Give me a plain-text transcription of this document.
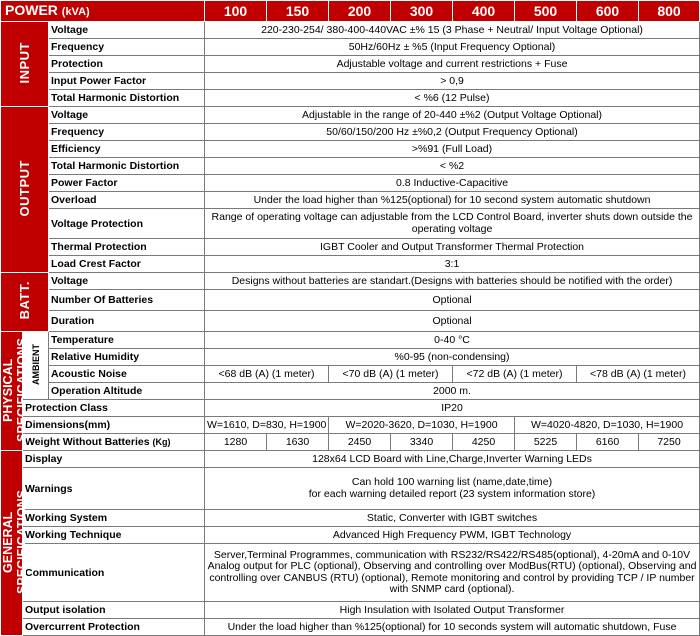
POWER (kVA)			100	150	200	300	400	500	600	800
INPUT		Voltage	220-230-254/ 380-400-440VAC ±% 15 (3 Phase + Neutral/ Input Voltage Optional)							
		Frequency	50Hz/60Hz ± %5 (Input Frequency Optional)							
		Protection	Adjustable voltage and current restrictions + Fuse							
		Input Power Factor	> 0,9							
		Total Harmonic Distortion	< %6 (12 Pulse)							
OUTPUT		Voltage	Adjustable in the range of 20-440 ±%2 (Output Voltage Optional)							
		Frequency	50/60/150/200 Hz ±%0,2 (Output Frequency Optional)							
		Efficiency	>%91 (Full Load)							
		Total Harmonic Distortion	< %2							
		Power Factor	0.8 Inductive-Capacitive							
		Overload	Under the load higher than %125(optional) for 10 second system automatic shutdown							
		Voltage Protection	Range of operating voltage can adjustable from the LCD Control Board, inverter shuts down outside the operating voltage							
		Thermal Protection	IGBT Cooler and Output Transformer Thermal Protection							
		Load Crest Factor	3:1							
BATT.		Voltage	Designs without batteries are standart.(Designs with batteries should be notified with the order)							
		Number Of Batteries	Optional							
		Duration	Optional							
PHYSICAL
SPECIFICATIONS	AMBIENT	Temperature	0-40 °C							
		Relative Humidity	%0-95 (non-condensing)							
		Acoustic Noise	<68 dB (A) (1 meter)		<70 dB (A) (1 meter)		<72 dB (A) (1 meter)		<78 dB (A) (1 meter)	
		Operation Altitude	2000 m.							
	Protection Class		IP20							
	Dimensions(mm)		W=1610, D=830, H=1900		W=2020-3620, D=1030, H=1900			W=4020-4820, D=1030, H=1900		
	Weight Without Batteries (Kg)		1280	1630	2450	3340	4250	5225	6160	7250
GENERAL
SPECIFICATIONS	Display		128x64 LCD Board with Line,Charge,Inverter Warning LEDs							
	Warnings		Can hold 100 warning list (name,date,time)
for each warning detailed report (23 system information store)							
	Working System		Static, Converter with IGBT switches							
	Working Technique		Advanced High Frequency PWM, IGBT Technology							
	Communication		Server,Terminal Programmes, communication with RS232/RS422/RS485(optional), 4-20mA and 0-10V Analog output for PLC (optional), Observing and controlling over ModBus(RTU) (optional), Observing and controlling over CANBUS (RTU) (optional), Remote monitoring and control by providing TCP / IP number with SNMP card (optional).							
	Output isolation		High Insulation with Isolated Output Transformer							
	Overcurrent Protection		Under the load higher than %125(optional) for 10 seconds system will automatic shutdown, Fuse							
